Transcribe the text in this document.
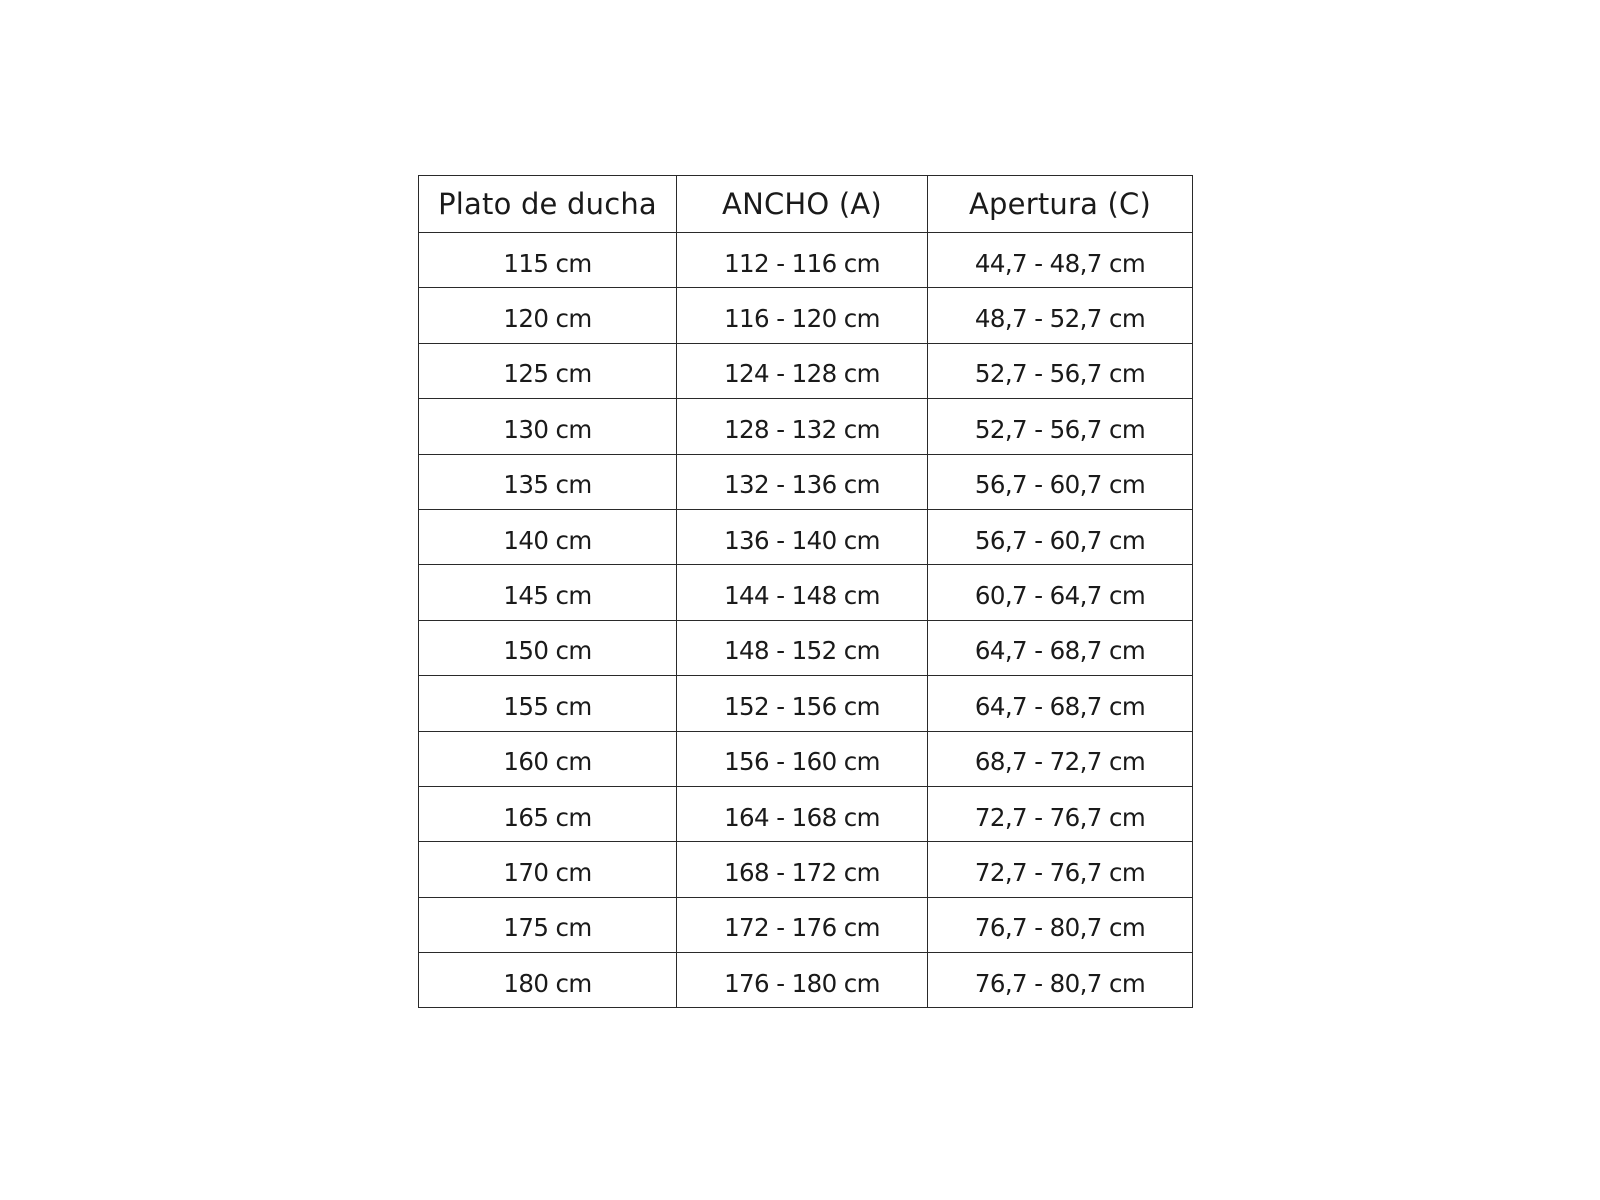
Plato de ducha	ANCHO (A)	Apertura (C)
115 cm	112 - 116 cm	44,7 - 48,7 cm
120 cm	116 - 120 cm	48,7 - 52,7 cm
125 cm	124 - 128 cm	52,7 - 56,7 cm
130 cm	128 - 132 cm	52,7 - 56,7 cm
135 cm	132 - 136 cm	56,7 - 60,7 cm
140 cm	136 - 140 cm	56,7 - 60,7 cm
145 cm	144 - 148 cm	60,7 - 64,7 cm
150 cm	148 - 152 cm	64,7 - 68,7 cm
155 cm	152 - 156 cm	64,7 - 68,7 cm
160 cm	156 - 160 cm	68,7 - 72,7 cm
165 cm	164 - 168 cm	72,7 - 76,7 cm
170 cm	168 - 172 cm	72,7 - 76,7 cm
175 cm	172 - 176 cm	76,7 - 80,7 cm
180 cm	176 - 180 cm	76,7 - 80,7 cm
